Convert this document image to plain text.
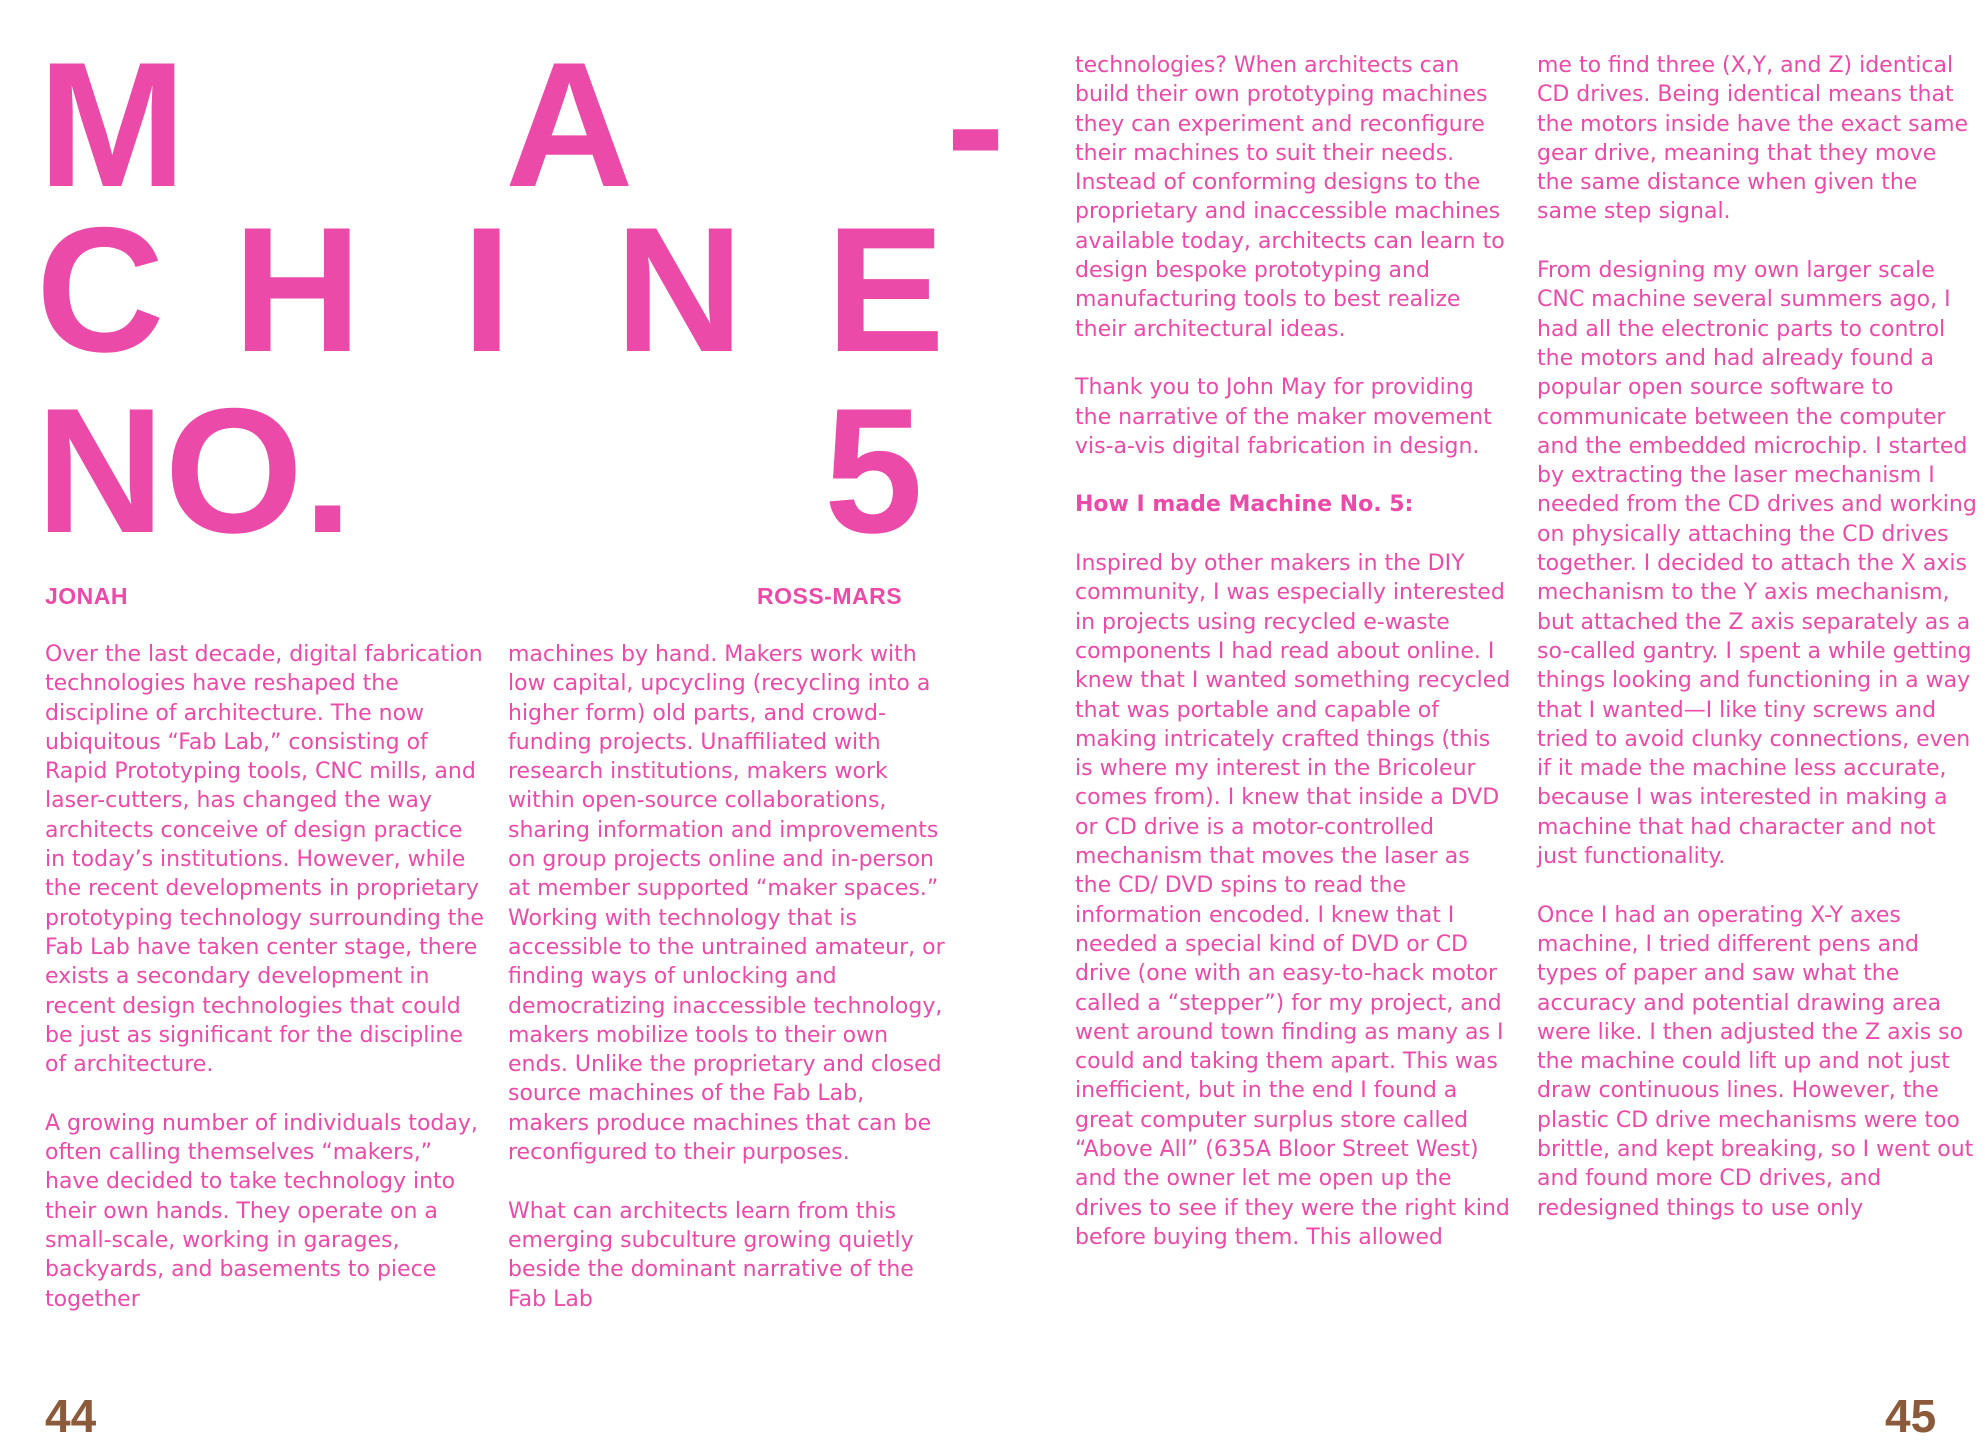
M A -
C H I N E
NO.	5
JONAH	ROSS-MARS

Over the last decade, digital fabrication technologies have reshaped the discipline of architecture. The now ubiquitous “Fab Lab,” consisting of Rapid Prototyping tools, CNC mills, and laser-cutters, has changed the way architects conceive of design practice in today’s institutions. However, while the recent developments in proprietary prototyping technology surrounding the Fab Lab have taken center stage, there exists a secondary development in recent design technologies that could be just as significant for the discipline of architecture.

A growing number of individuals today, often calling themselves “makers,” have decided to take technology into their own hands. They operate on a small-scale, working in garages, backyards, and basements to piece together

machines by hand. Makers work with low capital, upcycling (recycling into a higher form) old parts, and crowd-funding projects. Unaffiliated with research institutions, makers work within open-source collaborations, sharing information and improvements on group projects online and in-person at member supported “maker spaces.” Working with technology that is accessible to the untrained amateur, or finding ways of unlocking and democratizing inaccessible technology, makers mobilize tools to their own ends. Unlike the proprietary and closed source machines of the Fab Lab, makers produce machines that can be reconfigured to their purposes.

What can architects learn from this emerging subculture growing quietly beside the dominant narrative of the Fab Lab

technologies? When architects can build their own prototyping machines they can experiment and reconfigure their machines to suit their needs. Instead of conforming designs to the proprietary and inaccessible machines available today, architects can learn to design bespoke prototyping and manufacturing tools to best realize their architectural ideas.

Thank you to John May for providing the narrative of the maker movement vis-a-vis digital fabrication in design.

How I made Machine No. 5:

Inspired by other makers in the DIY community, I was especially interested in projects using recycled e-waste components I had read about online. I knew that I wanted something recycled that was portable and capable of making intricately crafted things (this is where my interest in the Bricoleur comes from). I knew that inside a DVD or CD drive is a motor-controlled mechanism that moves the laser as the CD/ DVD spins to read the information encoded. I knew that I needed a special kind of DVD or CD drive (one with an easy-to-hack motor called a “stepper”) for my project, and went around town finding as many as I could and taking them apart. This was inefficient, but in the end I found a great computer surplus store called “Above All” (635A Bloor Street West) and the owner let me open up the drives to see if they were the right kind before buying them. This allowed

me to find three (X,Y, and Z) identical CD drives. Being identical means that the motors inside have the exact same gear drive, meaning that they move the same distance when given the same step signal.

From designing my own larger scale CNC machine several summers ago, I had all the electronic parts to control the motors and had already found a popular open source software to communicate between the computer and the embedded microchip. I started by extracting the laser mechanism I needed from the CD drives and working on physically attaching the CD drives together. I decided to attach the X axis mechanism to the Y axis mechanism, but attached the Z axis separately as a so-called gantry. I spent a while getting things looking and functioning in a way that I wanted—I like tiny screws and tried to avoid clunky connections, even if it made the machine less accurate, because I was interested in making a machine that had character and not just functionality.

Once I had an operating X-Y axes machine, I tried different pens and types of paper and saw what the accuracy and potential drawing area were like. I then adjusted the Z axis so the machine could lift up and not just draw continuous lines. However, the plastic CD drive mechanisms were too brittle, and kept breaking, so I went out and found more CD drives, and redesigned things to use only

44	45
